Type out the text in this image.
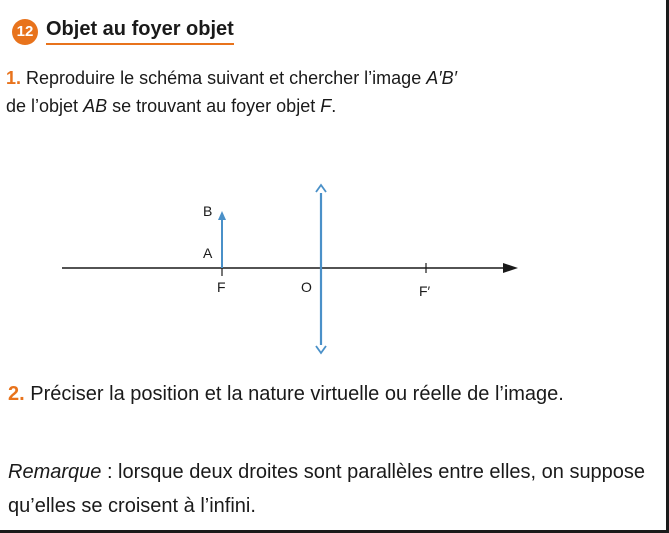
12 Objet au foyer objet
1. Reproduire le schéma suivant et chercher l’image A′B′
de l’objet AB se trouvant au foyer objet F.
B
A
F	O	F′
2. Préciser la position et la nature virtuelle ou réelle de l’image.
Remarque : lorsque deux droites sont parallèles entre elles, on suppose qu’elles se croisent à l’infini.
